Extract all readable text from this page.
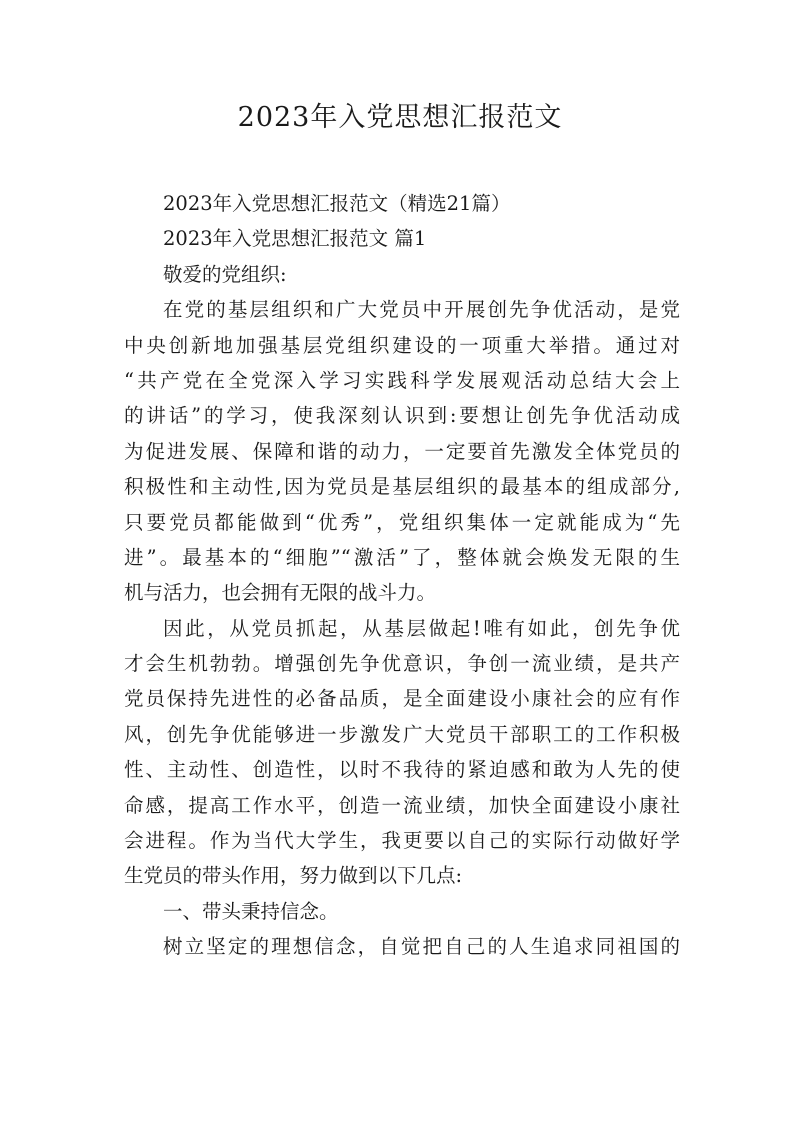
2023年入党思想汇报范文
2023年入党思想汇报范文（精选21篇）
2023年入党思想汇报范文 篇1
敬爱的党组织:
在党的基层组织和广大党员中开展创先争优活动，是党
中央创新地加强基层党组织建设的一项重大举措。通过对
“共产党在全党深入学习实践科学发展观活动总结大会上
的讲话”的学习，使我深刻认识到:要想让创先争优活动成
为促进发展、保障和谐的动力，一定要首先激发全体党员的
积极性和主动性,因为党员是基层组织的最基本的组成部分,
只要党员都能做到“优秀”，党组织集体一定就能成为“先
进”。最基本的“细胞”“激活”了，整体就会焕发无限的生
机与活力，也会拥有无限的战斗力。
因此，从党员抓起，从基层做起!唯有如此，创先争优
才会生机勃勃。增强创先争优意识，争创一流业绩，是共产
党员保持先进性的必备品质，是全面建设小康社会的应有作
风，创先争优能够进一步激发广大党员干部职工的工作积极
性、主动性、创造性，以时不我待的紧迫感和敢为人先的使
命感，提高工作水平，创造一流业绩，加快全面建设小康社
会进程。作为当代大学生，我更要以自己的实际行动做好学
生党员的带头作用，努力做到以下几点:
一、带头秉持信念。
树立坚定的理想信念，自觉把自己的人生追求同祖国的
